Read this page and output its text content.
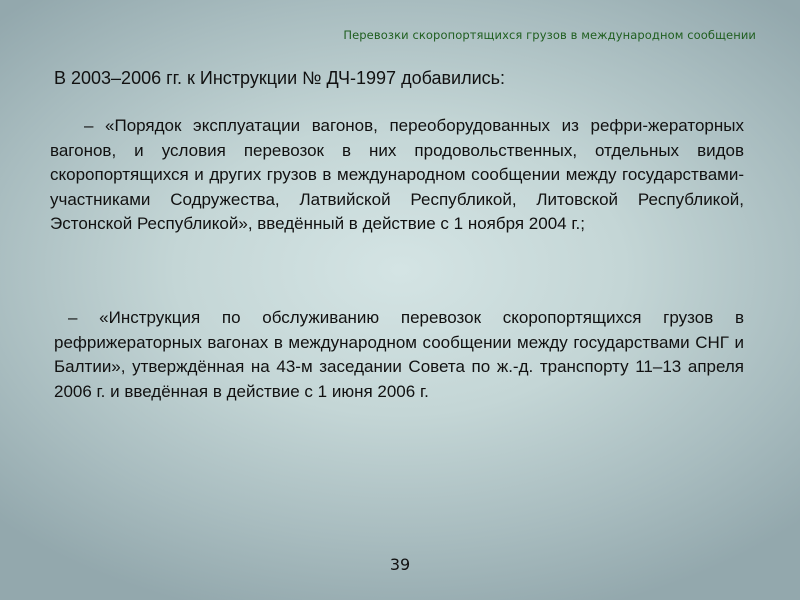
Перевозки скоропортящихся грузов в международном сообщении
В 2003–2006 гг. к Инструкции № ДЧ-1997 добавились:
– «Порядок эксплуатации вагонов, переоборудованных из рефри-жераторных вагонов, и условия перевозок в них продовольственных, отдельных видов скоропортящихся и других грузов в международном сообщении между государствами-участниками Содружества, Латвийской Республикой, Литовской Республикой, Эстонской Республикой», введённый в действие с 1 ноября 2004 г.;
– «Инструкция по обслуживанию перевозок скоропортящихся грузов в рефрижераторных вагонах в международном сообщении между государствами СНГ и Балтии», утверждённая на 43-м заседании Совета по ж.-д. транспорту 11–13 апреля 2006 г. и введённая в действие с 1 июня 2006 г.
39
